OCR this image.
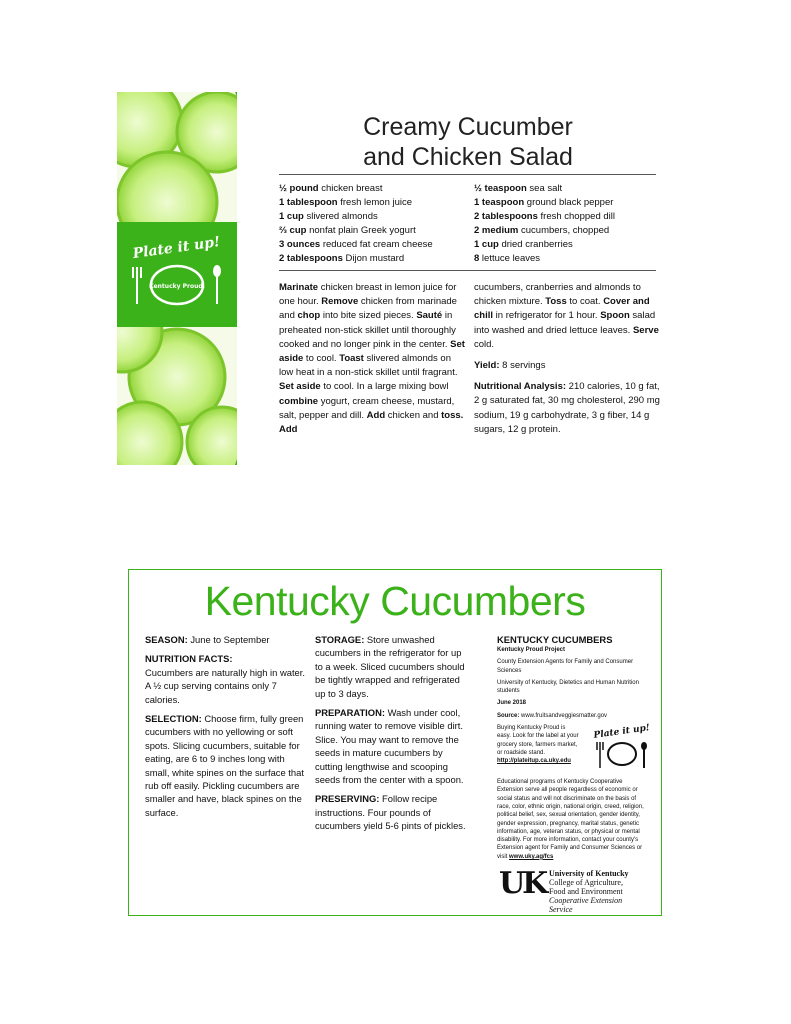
Plate it up!
Kentucky Proud.
Creamy Cucumber
and Chicken Salad
½ pound chicken breast
1 tablespoon fresh lemon juice
1 cup slivered almonds
⅔ cup nonfat plain Greek yogurt
3 ounces reduced fat cream cheese
2 tablespoons Dijon mustard
½ teaspoon sea salt
1 teaspoon ground black pepper
2 tablespoons fresh chopped dill
2 medium cucumbers, chopped
1 cup dried cranberries
8 lettuce leaves

Marinate chicken breast in lemon juice for one hour. Remove chicken from marinade and chop into bite sized pieces. Sauté in preheated non-stick skillet until thoroughly cooked and no longer pink in the center. Set aside to cool. Toast slivered almonds on low heat in a non-stick skillet until fragrant. Set aside to cool. In a large mixing bowl combine yogurt, cream cheese, mustard, salt, pepper and dill. Add chicken and toss. Add

cucumbers, cranberries and almonds to chicken mixture. Toss to coat. Cover and chill in refrigerator for 1 hour. Spoon salad into washed and dried lettuce leaves. Serve cold.

Yield: 8 servings

Nutritional Analysis: 210 calories, 10 g fat, 2 g saturated fat, 30 mg cholesterol, 290 mg sodium, 19 g carbohydrate, 3 g fiber, 14 g sugars, 12 g protein.

Kentucky Cucumbers

SEASON: June to September

NUTRITION FACTS:
Cucumbers are naturally high in water. A ½ cup serving contains only 7 calories.

SELECTION: Choose firm, fully green cucumbers with no yellowing or soft spots. Slicing cucumbers, suitable for eating, are 6 to 9 inches long with small, white spines on the surface that rub off easily. Pickling cucumbers are smaller and have, black spines on the surface.

STORAGE: Store unwashed cucumbers in the refrigerator for up to a week. Sliced cucumbers should be tightly wrapped and refrigerated up to 3 days.

PREPARATION: Wash under cool, running water to remove visible dirt. Slice. You may want to remove the seeds in mature cucumbers by cutting lengthwise and scooping seeds from the center with a spoon.

PRESERVING: Follow recipe instructions. Four pounds of cucumbers yield 5-6 pints of pickles.

KENTUCKY CUCUMBERS

Kentucky Proud Project

County Extension Agents for Family and Consumer Sciences

University of Kentucky, Dietetics and Human Nutrition students

June 2018

Source: www.fruitsandveggiesmatter.gov

Buying Kentucky Proud is easy. Look for the label at your grocery store, farmers market, or roadside stand. http://plateitup.ca.uky.edu
Plate it up!

Educational programs of Kentucky Cooperative Extension serve all people regardless of economic or social status and will not discriminate on the basis of race, color, ethnic origin, national origin, creed, religion, political belief, sex, sexual orientation, gender identity, gender expression, pregnancy, marital status, genetic information, age, veteran status, or physical or mental disability. For more information, contact your county's Extension agent for Family and Consumer Sciences or visit www.uky.ag/fcs

UK University of Kentucky
College of Agriculture,
Food and Environment
Cooperative Extension Service
